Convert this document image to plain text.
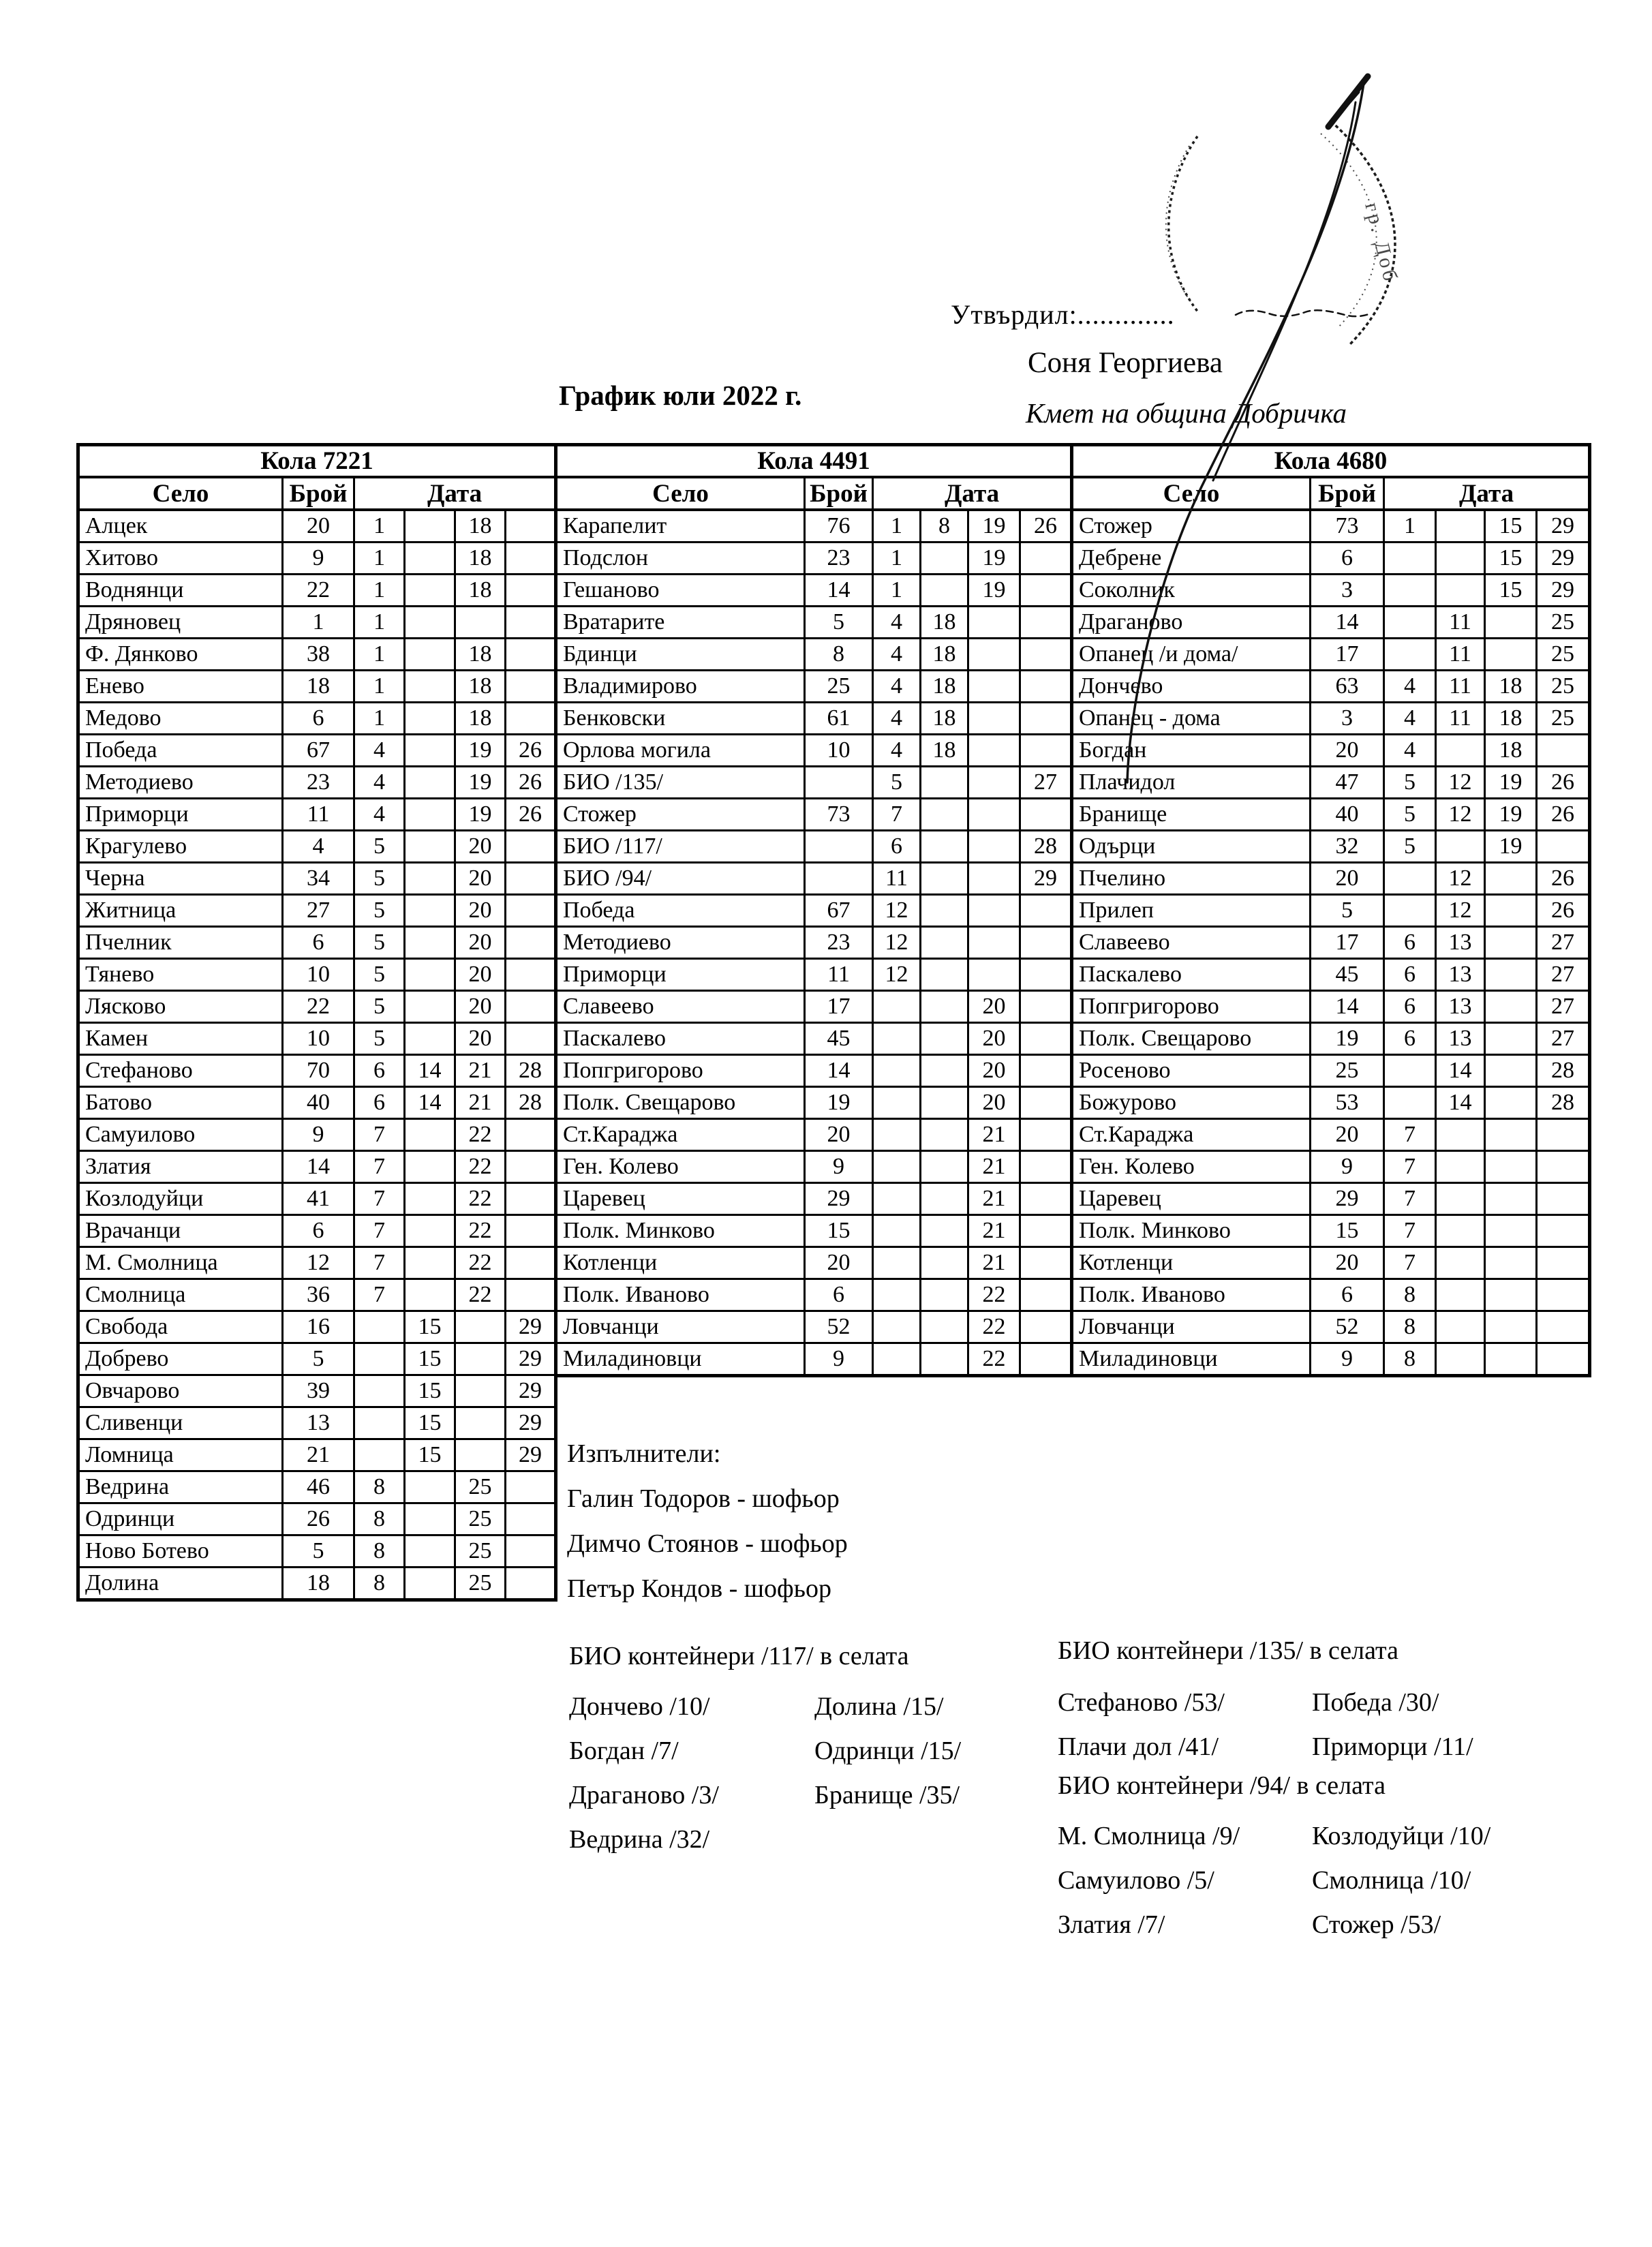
Утвърдил:.............
Соня Георгиева
Кмет на община Добричка
График юли 2022 г.
Кола 7221					
Село	Брой	Дата			
Алцек	20	1		18	
Хитово	9	1		18	
Воднянци	22	1		18	
Дряновец	1	1			
Ф. Дянково	38	1		18	
Енево	18	1		18	
Медово	6	1		18	
Победа	67	4		19	26
Методиево	23	4		19	26
Приморци	11	4		19	26
Крагулево	4	5		20	
Черна	34	5		20	
Житница	27	5		20	
Пчелник	6	5		20	
Тянево	10	5		20	
Лясково	22	5		20	
Камен	10	5		20	
Стефаново	70	6	14	21	28
Батово	40	6	14	21	28
Самуилово	9	7		22	
Златия	14	7		22	
Козлодуйци	41	7		22	
Врачанци	6	7		22	
М. Смолница	12	7		22	
Смолница	36	7		22	
Свобода	16		15		29
Добрево	5		15		29
Овчарово	39		15		29
Сливенци	13		15		29
Ломница	21		15		29
Ведрина	46	8		25	
Одринци	26	8		25	
Ново Ботево	5	8		25	
Долина	18	8		25	
Кола 4491					
Село	Брой	Дата			
Карапелит	76	1	8	19	26
Подслон	23	1		19	
Гешаново	14	1		19	
Вратарите	5	4	18		
Бдинци	8	4	18		
Владимирово	25	4	18		
Бенковски	61	4	18		
Орлова могила	10	4	18		
БИО /135/		5			27
Стожер	73	7			
БИО /117/		6			28
БИО /94/		11			29
Победа	67	12			
Методиево	23	12			
Приморци	11	12			
Славеево	17			20	
Паскалево	45			20	
Попгригорово	14			20	
Полк. Свещарово	19			20	
Ст.Караджа	20			21	
Ген. Колево	9			21	
Царевец	29			21	
Полк. Минково	15			21	
Котленци	20			21	
Полк. Иваново	6			22	
Ловчанци	52			22	
Миладиновци	9			22	
Кола 4680					
Село	Брой	Дата			
Стожер	73	1		15	29
Дебрене	6			15	29
Соколник	3			15	29
Драганово	14		11		25
Опанец /и дома/	17		11		25
Дончево	63	4	11	18	25
Опанец - дома	3	4	11	18	25
Богдан	20	4		18	
Плачидол	47	5	12	19	26
Бранище	40	5	12	19	26
Одърци	32	5		19	
Пчелино	20		12		26
Прилеп	5		12		26
Славеево	17	6	13		27
Паскалево	45	6	13		27
Попгригорово	14	6	13		27
Полк. Свещарово	19	6	13		27
Росеново	25		14		28
Божурово	53		14		28
Ст.Караджа	20	7			
Ген. Колево	9	7			
Царевец	29	7			
Полк. Минково	15	7			
Котленци	20	7			
Полк. Иваново	6	8			
Ловчанци	52	8			
Миладиновци	9	8			
Изпълнители:
Галин Тодоров - шофьор
Димчо Стоянов - шофьор
Петър Кондов - шофьор
БИО контейнери /117/ в селата
Дончево /10/
Богдан /7/
Драганово /3/
Ведрина /32/
Долина /15/
Одринци /15/
Бранище /35/
БИО контейнери /135/ в селата
Стефаново /53/
Плачи дол /41/
Победа /30/
Приморци /11/
БИО контейнери /94/ в селата
М. Смолница /9/
Самуилово /5/
Златия /7/
Козлодуйци /10/
Смолница /10/
Стожер /53/
гр. Доб
